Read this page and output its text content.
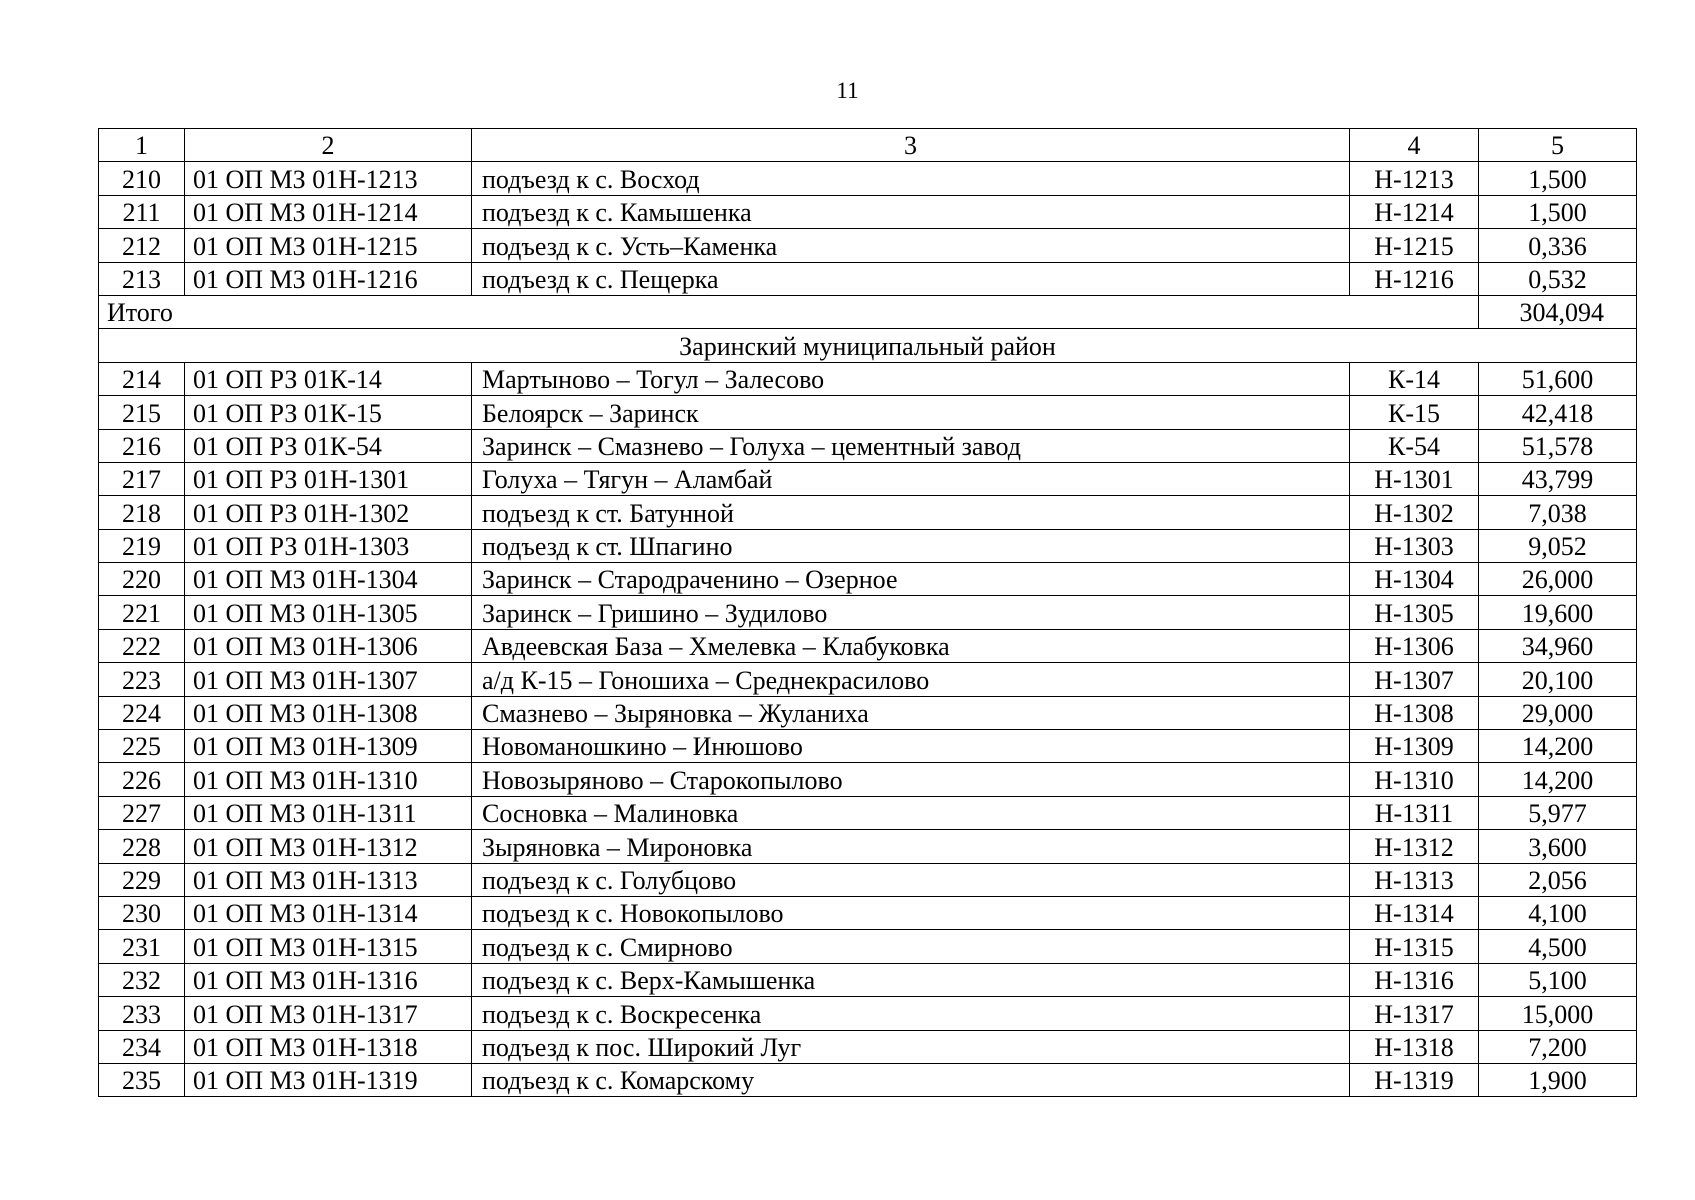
11
1	2	3	4	5
210	01 ОП МЗ 01Н-1213	подъезд к с. Восход	Н-1213	1,500
211	01 ОП МЗ 01Н-1214	подъезд к с. Камышенка	Н-1214	1,500
212	01 ОП МЗ 01Н-1215	подъезд к с. Усть–Каменка	Н-1215	0,336
213	01 ОП МЗ 01Н-1216	подъезд к с. Пещерка	Н-1216	0,532
Итого				304,094
Заринский муниципальный район				
214	01 ОП РЗ 01К-14	Мартыново – Тогул – Залесово	К-14	51,600
215	01 ОП РЗ 01К-15	Белоярск – Заринск	К-15	42,418
216	01 ОП РЗ 01К-54	Заринск – Смазнево – Голуха – цементный завод	К-54	51,578
217	01 ОП РЗ 01Н-1301	Голуха – Тягун – Аламбай	Н-1301	43,799
218	01 ОП РЗ 01Н-1302	подъезд к ст. Батунной	Н-1302	7,038
219	01 ОП РЗ 01Н-1303	подъезд к ст. Шпагино	Н-1303	9,052
220	01 ОП МЗ 01Н-1304	Заринск – Стародраченино – Озерное	Н-1304	26,000
221	01 ОП МЗ 01Н-1305	Заринск – Гришино – Зудилово	Н-1305	19,600
222	01 ОП МЗ 01Н-1306	Авдеевская База – Хмелевка – Клабуковка	Н-1306	34,960
223	01 ОП МЗ 01Н-1307	а/д К-15 – Гоношиха – Среднекрасилово	Н-1307	20,100
224	01 ОП МЗ 01Н-1308	Смазнево – Зыряновка – Жуланиха	Н-1308	29,000
225	01 ОП МЗ 01Н-1309	Новоманошкино – Инюшово	Н-1309	14,200
226	01 ОП МЗ 01Н-1310	Новозыряново – Старокопылово	Н-1310	14,200
227	01 ОП МЗ 01Н-1311	Сосновка – Малиновка	Н-1311	5,977
228	01 ОП МЗ 01Н-1312	Зыряновка – Мироновка	Н-1312	3,600
229	01 ОП МЗ 01Н-1313	подъезд к с. Голубцово	Н-1313	2,056
230	01 ОП МЗ 01Н-1314	подъезд к с. Новокопылово	Н-1314	4,100
231	01 ОП МЗ 01Н-1315	подъезд к с. Смирново	Н-1315	4,500
232	01 ОП МЗ 01Н-1316	подъезд к с. Верх-Камышенка	Н-1316	5,100
233	01 ОП МЗ 01Н-1317	подъезд к с. Воскресенка	Н-1317	15,000
234	01 ОП МЗ 01Н-1318	подъезд к пос. Широкий Луг	Н-1318	7,200
235	01 ОП МЗ 01Н-1319	подъезд к с. Комарскому	Н-1319	1,900
